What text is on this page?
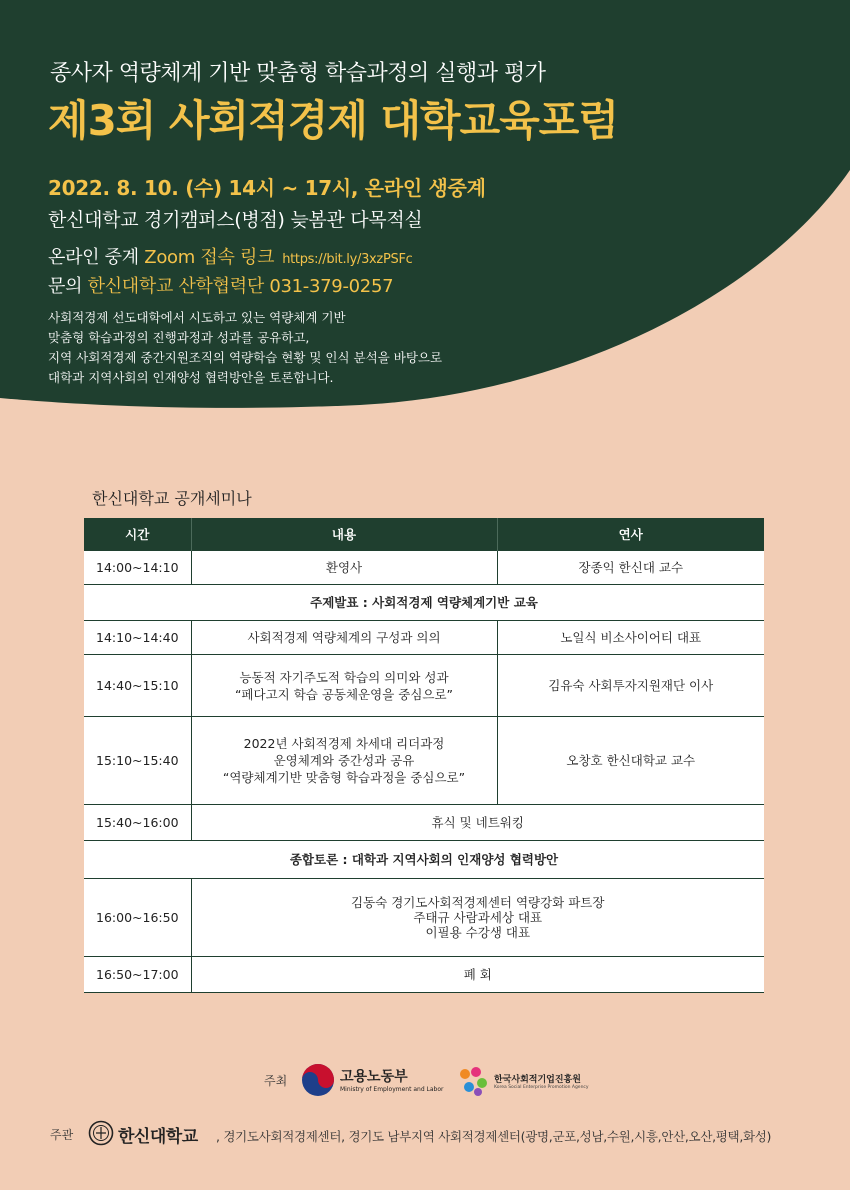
종사자 역량체계 기반 맞춤형 학습과정의 실행과 평가
제3회 사회적경제 대학교육포럼
2022. 8. 10. (수) 14시 ~ 17시, 온라인 생중계
한신대학교 경기캠퍼스(병점) 늦봄관 다목적실
온라인 중계 Zoom 접속 링크 https://bit.ly/3xzPSFc
문의 한신대학교 산학협력단 031-379-0257
사회적경제 선도대학에서 시도하고 있는 역량체계 기반
맞춤형 학습과정의 진행과정과 성과를 공유하고,
지역 사회적경제 중간지원조직의 역량학습 현황 및 인식 분석을 바탕으로
대학과 지역사회의 인재양성 협력방안을 토론합니다.
한신대학교 공개세미나
시간	내용	연사
14:00~14:10	환영사	장종익 한신대 교수
주제발표 : 사회적경제 역량체계기반 교육		
14:10~14:40	사회적경제 역량체계의 구성과 의의	노일식 비소사이어티 대표
14:40~15:10	능동적 자기주도적 학습의 의미와 성과
“페다고지 학습 공동체운영을 중심으로”	김유숙 사회투자지원재단 이사
15:10~15:40	2022년 사회적경제 차세대 리더과정
운영체계와 중간성과 공유
“역량체계기반 맞춤형 학습과정을 중심으로”	오창호 한신대학교 교수
15:40~16:00	휴식 및 네트워킹	

종합토론 : 대학과 지역사회의 인재양성 협력방안		
16:00~16:50	김동숙 경기도사회적경제센터 역량강화 파트장
주태규 사람과세상 대표
이필용 수강생 대표	

16:50~17:00	폐 회	
주최	고용노동부
Ministry of Employment and Labor
한국사회적기업진흥원
Korea Social Enterprise Promotion Agency
주관	한신대학교 , 경기도사회적경제센터, 경기도 남부지역 사회적경제센터(광명,군포,성남,수원,시흥,안산,오산,평택,화성)
